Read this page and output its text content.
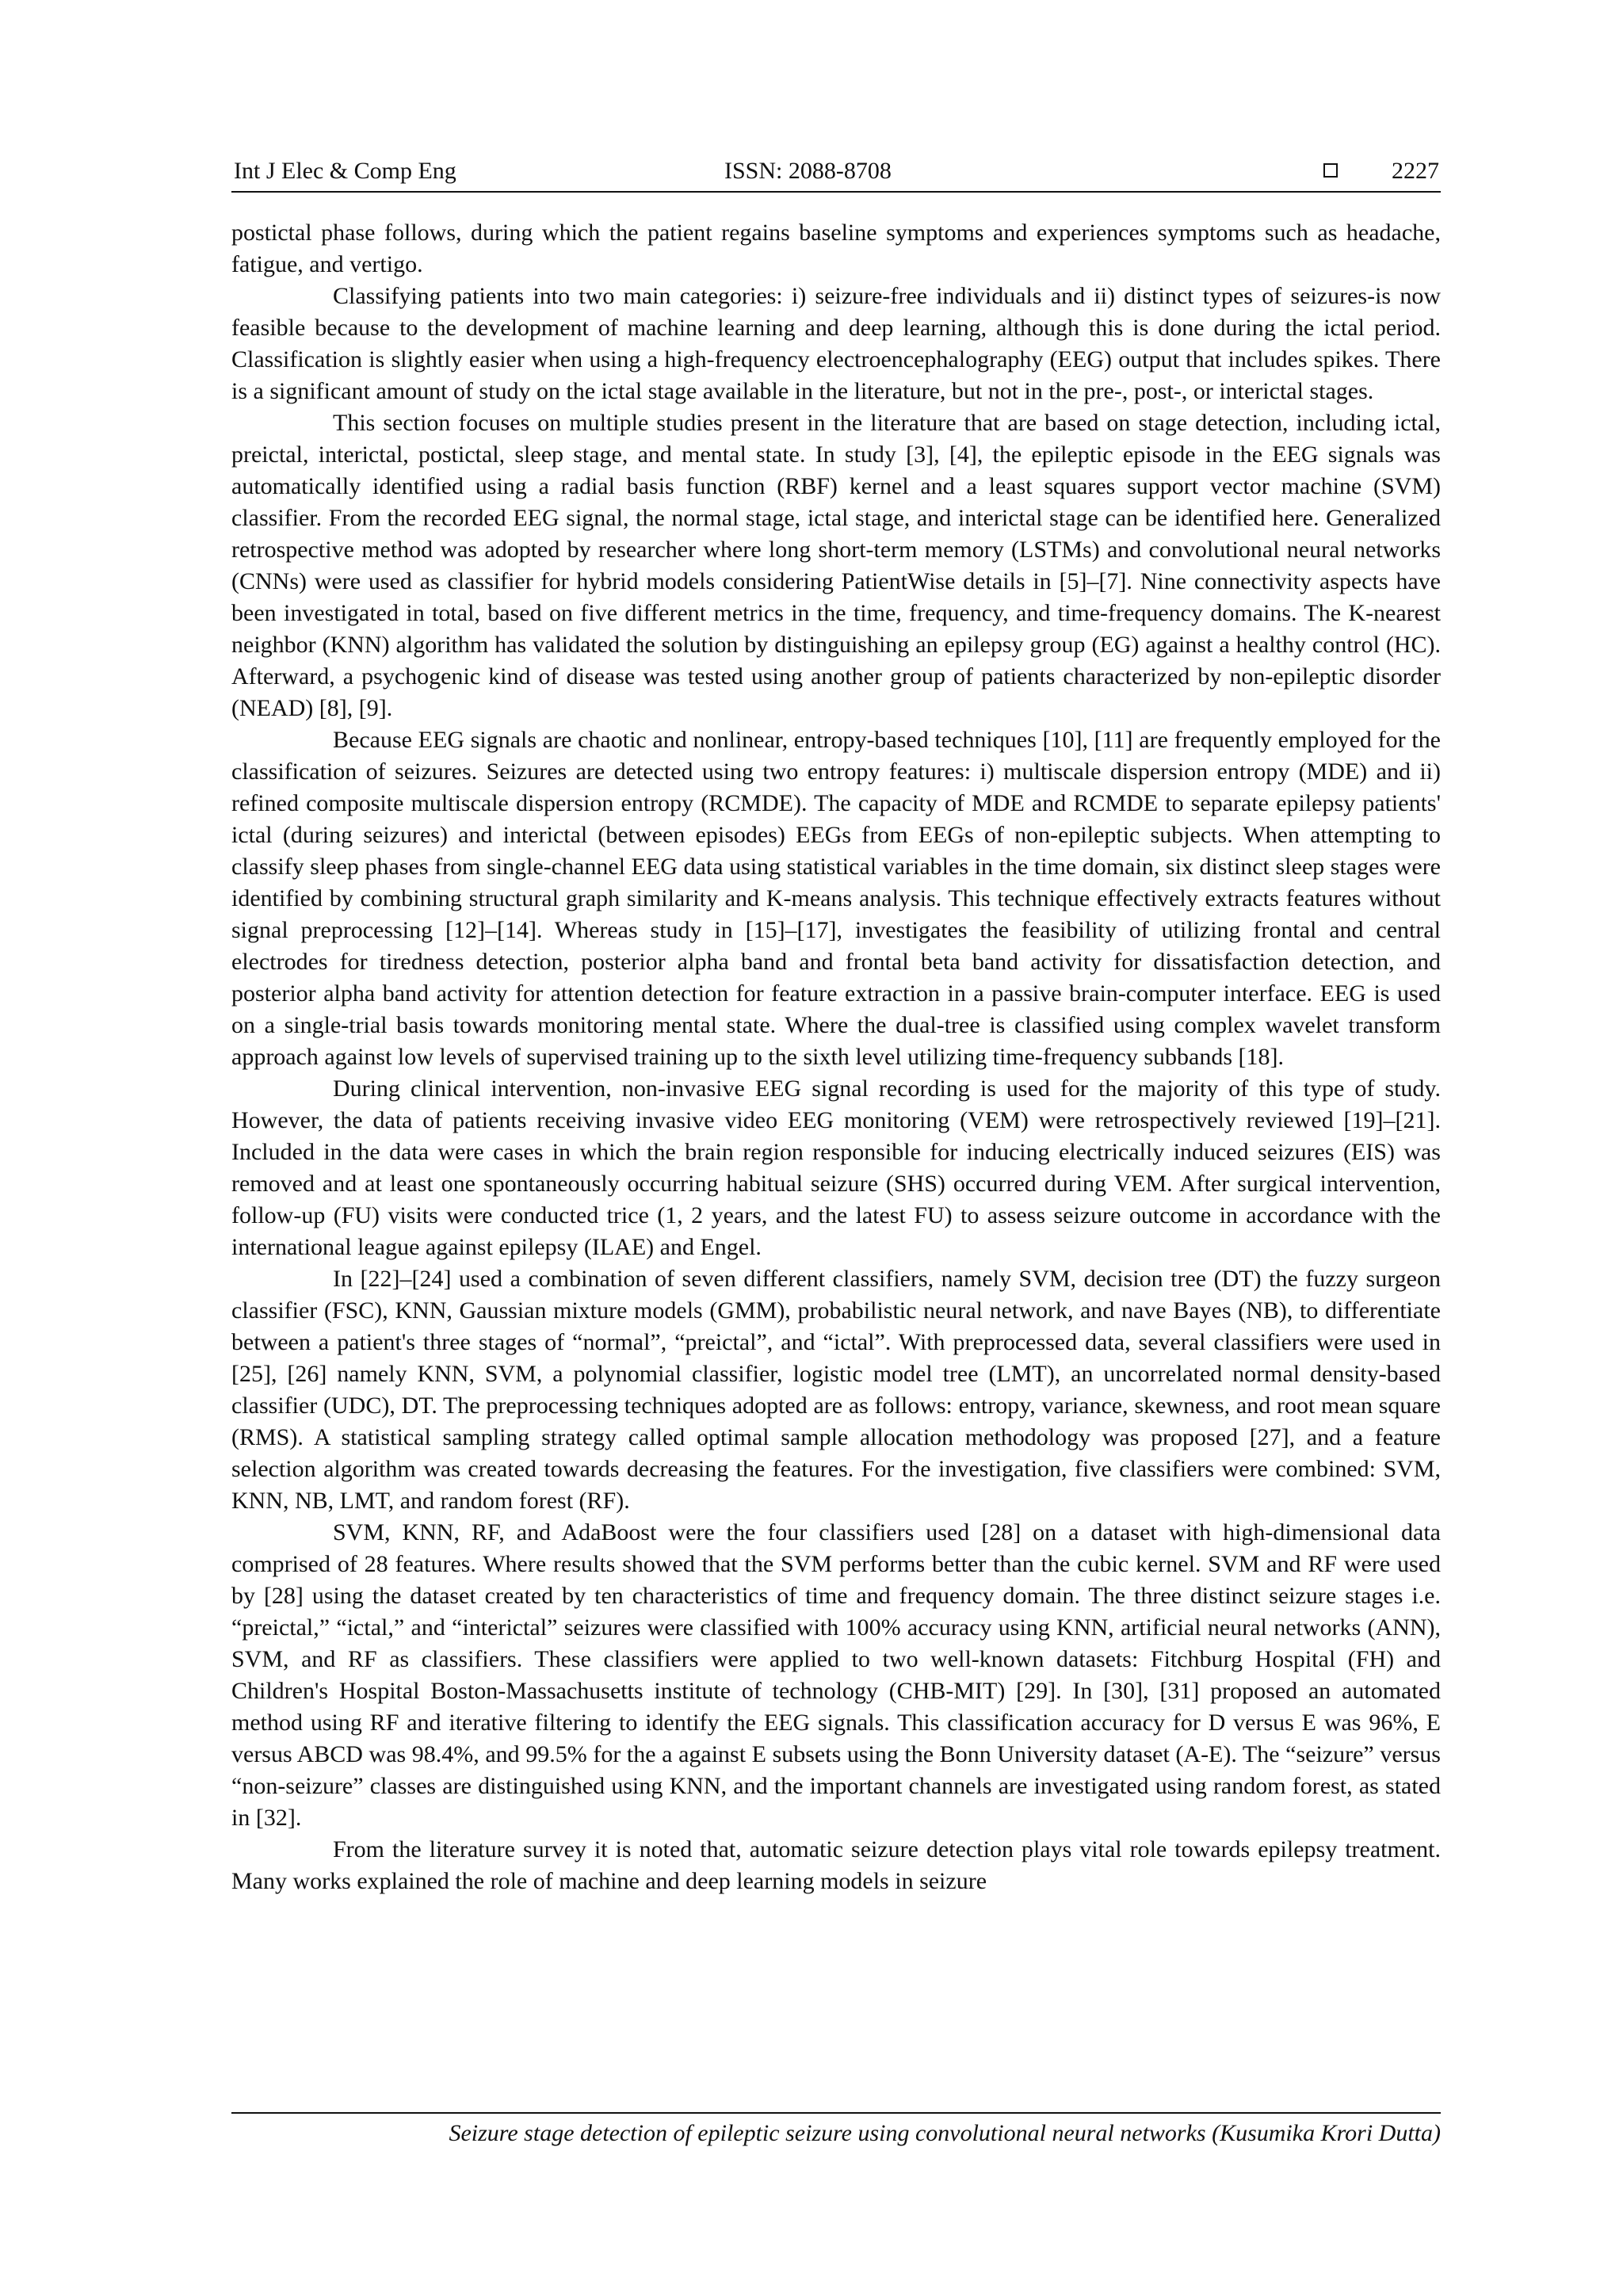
Int J Elec & Comp Eng	ISSN: 2088-8708	2227

postictal phase follows, during which the patient regains baseline symptoms and experiences symptoms such as headache, fatigue, and vertigo.

Classifying patients into two main categories: i) seizure-free individuals and ii) distinct types of seizures-is now feasible because to the development of machine learning and deep learning, although this is done during the ictal period. Classification is slightly easier when using a high-frequency electroencephalography (EEG) output that includes spikes. There is a significant amount of study on the ictal stage available in the literature, but not in the pre-, post-, or interictal stages.

This section focuses on multiple studies present in the literature that are based on stage detection, including ictal, preictal, interictal, postictal, sleep stage, and mental state. In study [3], [4], the epileptic episode in the EEG signals was automatically identified using a radial basis function (RBF) kernel and a least squares support vector machine (SVM) classifier. From the recorded EEG signal, the normal stage, ictal stage, and interictal stage can be identified here. Generalized retrospective method was adopted by researcher where long short-term memory (LSTMs) and convolutional neural networks (CNNs) were used as classifier for hybrid models considering PatientWise details in [5]–[7]. Nine connectivity aspects have been investigated in total, based on five different metrics in the time, frequency, and time-frequency domains. The K-nearest neighbor (KNN) algorithm has validated the solution by distinguishing an epilepsy group (EG) against a healthy control (HC). Afterward, a psychogenic kind of disease was tested using another group of patients characterized by non-epileptic disorder (NEAD) [8], [9].

Because EEG signals are chaotic and nonlinear, entropy-based techniques [10], [11] are frequently employed for the classification of seizures. Seizures are detected using two entropy features: i) multiscale dispersion entropy (MDE) and ii) refined composite multiscale dispersion entropy (RCMDE). The capacity of MDE and RCMDE to separate epilepsy patients' ictal (during seizures) and interictal (between episodes) EEGs from EEGs of non-epileptic subjects. When attempting to classify sleep phases from single-channel EEG data using statistical variables in the time domain, six distinct sleep stages were identified by combining structural graph similarity and K-means analysis. This technique effectively extracts features without signal preprocessing [12]–[14]. Whereas study in [15]–[17], investigates the feasibility of utilizing frontal and central electrodes for tiredness detection, posterior alpha band and frontal beta band activity for dissatisfaction detection, and posterior alpha band activity for attention detection for feature extraction in a passive brain-computer interface. EEG is used on a single-trial basis towards monitoring mental state. Where the dual-tree is classified using complex wavelet transform approach against low levels of supervised training up to the sixth level utilizing time-frequency subbands [18].

During clinical intervention, non-invasive EEG signal recording is used for the majority of this type of study. However, the data of patients receiving invasive video EEG monitoring (VEM) were retrospectively reviewed [19]–[21]. Included in the data were cases in which the brain region responsible for inducing electrically induced seizures (EIS) was removed and at least one spontaneously occurring habitual seizure (SHS) occurred during VEM. After surgical intervention, follow-up (FU) visits were conducted trice (1, 2 years, and the latest FU) to assess seizure outcome in accordance with the international league against epilepsy (ILAE) and Engel.

In [22]–[24] used a combination of seven different classifiers, namely SVM, decision tree (DT) the fuzzy surgeon classifier (FSC), KNN, Gaussian mixture models (GMM), probabilistic neural network, and nave Bayes (NB), to differentiate between a patient's three stages of “normal”, “preictal”, and “ictal”. With preprocessed data, several classifiers were used in [25], [26] namely KNN, SVM, a polynomial classifier, logistic model tree (LMT), an uncorrelated normal density-based classifier (UDC), DT. The preprocessing techniques adopted are as follows: entropy, variance, skewness, and root mean square (RMS). A statistical sampling strategy called optimal sample allocation methodology was proposed [27], and a feature selection algorithm was created towards decreasing the features. For the investigation, five classifiers were combined: SVM, KNN, NB, LMT, and random forest (RF).

SVM, KNN, RF, and AdaBoost were the four classifiers used [28] on a dataset with high-dimensional data comprised of 28 features. Where results showed that the SVM performs better than the cubic kernel. SVM and RF were used by [28] using the dataset created by ten characteristics of time and frequency domain. The three distinct seizure stages i.e. “preictal,” “ictal,” and “interictal” seizures were classified with 100% accuracy using KNN, artificial neural networks (ANN), SVM, and RF as classifiers. These classifiers were applied to two well-known datasets: Fitchburg Hospital (FH) and Children's Hospital Boston-Massachusetts institute of technology (CHB-MIT) [29]. In [30], [31] proposed an automated method using RF and iterative filtering to identify the EEG signals. This classification accuracy for D versus E was 96%, E versus ABCD was 98.4%, and 99.5% for the a against E subsets using the Bonn University dataset (A-E). The “seizure” versus “non-seizure” classes are distinguished using KNN, and the important channels are investigated using random forest, as stated in [32].

From the literature survey it is noted that, automatic seizure detection plays vital role towards epilepsy treatment. Many works explained the role of machine and deep learning models in seizure

Seizure stage detection of epileptic seizure using convolutional neural networks (Kusumika Krori Dutta)
